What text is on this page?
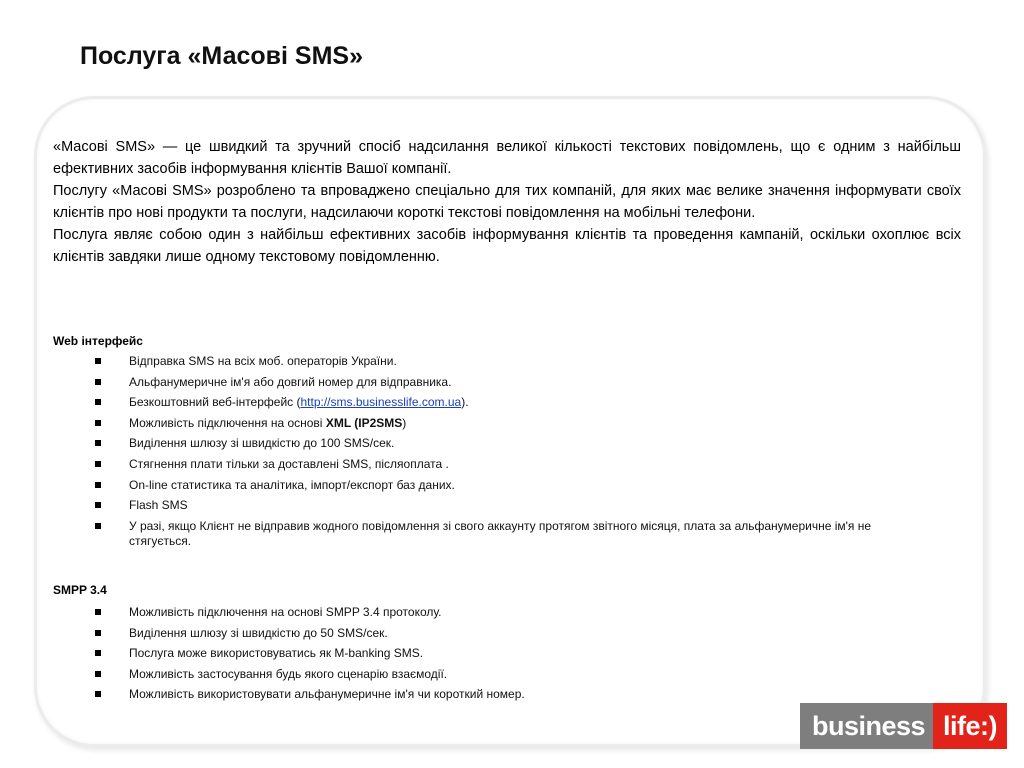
Послуга «Масові SMS»

«Масові SMS» — це швидкий та зручний спосіб надсилання великої кількості текстових повідомлень, що є одним з найбільш ефективних засобів інформування клієнтів Вашої компанії.

Послугу «Масові SMS» розроблено та впроваджено спеціально для тих компаній, для яких має велике значення інформувати своїх клієнтів про нові продукти та послуги, надсилаючи короткі текстові повідомлення на мобільні телефони.

Послуга являє собою один з найбільш ефективних засобів інформування клієнтів та проведення кампаній, оскільки охоплює всіх клієнтів завдяки лише одному текстовому повідомленню.

Web інтерфейс
Відправка SMS на всіх моб. операторів України.
Альфанумеричне ім'я або довгий номер для відправника.
Безкоштовний веб-інтерфейс (http://sms.businesslife.com.ua).
Можливість підключення на основі XML (IP2SMS)
Виділення шлюзу зі швидкістю до 100 SMS/сек.
Стягнення плати тільки за доставлені SMS, післяоплата .
On-line статистика та аналітика, імпорт/експорт баз даних.
Flash SMS
У разі, якщо Клієнт не відправив жодного повідомлення зі свого аккаунту протягом звітного місяця, плата за альфанумеричне ім'я не стягується.
SMPP 3.4
Можливість підключення на основі SMPP 3.4 протоколу.
Виділення шлюзу зі швидкістю до 50 SMS/сек.
Послуга може використовуватись як M-banking SMS.
Можливість застосування будь якого сценарію взаємодії.
Можливість використовувати альфанумеричне ім'я чи короткий номер.
business life:)
